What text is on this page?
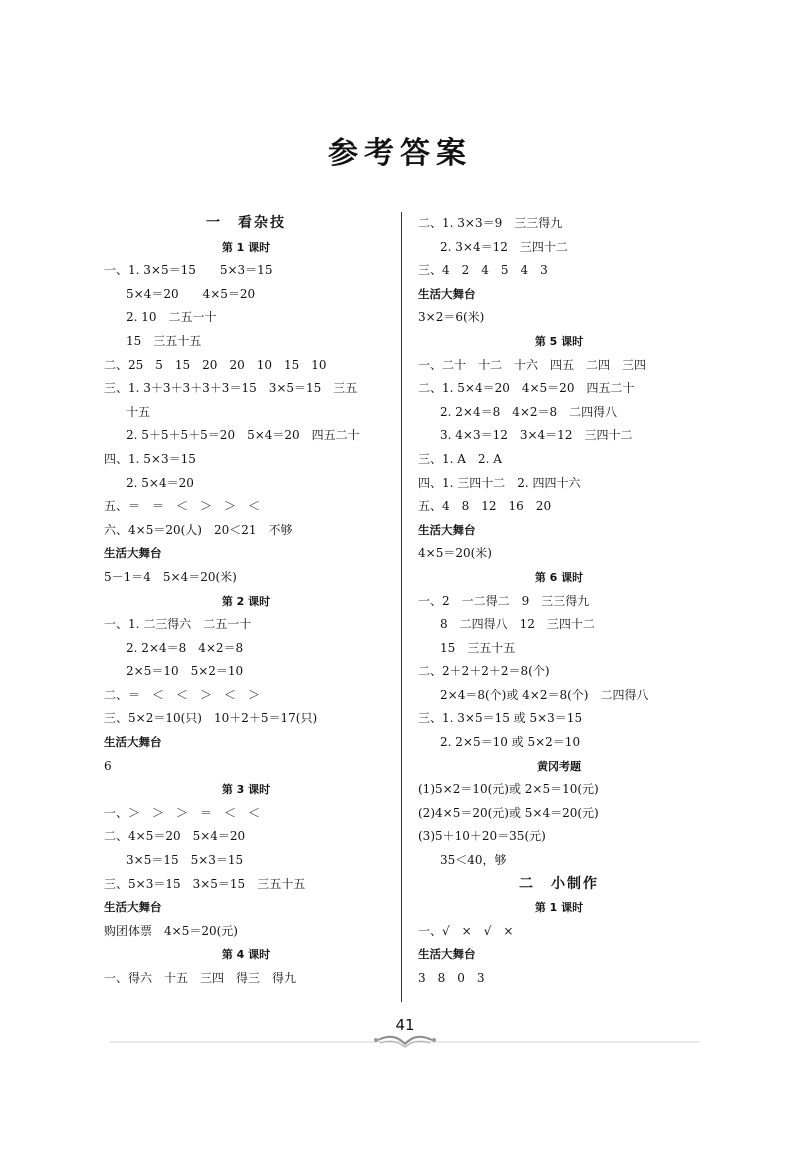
参考答案
一　看杂技
第 1 课时
一、1. 3×5＝15　　5×3＝15
5×4＝20　　4×5＝20
2. 10　二五一十
15　三五十五
二、25　5　15　20　20　10　15　10
三、1. 3＋3＋3＋3＋3＝15　3×5＝15　三五
十五
2. 5＋5＋5＋5＝20　5×4＝20　四五二十
四、1. 5×3＝15
2. 5×4＝20
五、＝　＝　＜　＞　＞　＜
六、4×5＝20(人)　20＜21　不够
生活大舞台
5－1＝4　5×4＝20(米)
第 2 课时
一、1. 二三得六　二五一十
2. 2×4＝8　4×2＝8
2×5＝10　5×2＝10
二、＝　＜　＜　＞　＜　＞
三、5×2＝10(只)　10＋2＋5＝17(只)
生活大舞台
6
第 3 课时
一、＞　＞　＞　＝　＜　＜
二、4×5＝20　5×4＝20
3×5＝15　5×3＝15
三、5×3＝15　3×5＝15　三五十五
生活大舞台
购团体票　4×5＝20(元)
第 4 课时
一、得六　十五　三四　得三　得九
二、1. 3×3＝9　三三得九
2. 3×4＝12　三四十二
三、4　2　4　5　4　3
生活大舞台
3×2＝6(米)
第 5 课时
一、二十　十二　十六　四五　二四　三四
二、1. 5×4＝20　4×5＝20　四五二十
2. 2×4＝8　4×2＝8　二四得八
3. 4×3＝12　3×4＝12　三四十二
三、1. A　2. A
四、1. 三四十二　2. 四四十六
五、4　8　12　16　20
生活大舞台
4×5＝20(米)
第 6 课时
一、2　一二得二　9　三三得九
8　二四得八　12　三四十二
15　三五十五
二、2＋2＋2＋2＝8(个)
2×4＝8(个)或 4×2＝8(个)　二四得八
三、1. 3×5＝15 或 5×3＝15
2. 2×5＝10 或 5×2＝10
黄冈考题
(1)5×2＝10(元)或 2×5＝10(元)
(2)4×5＝20(元)或 5×4＝20(元)
(3)5＋10＋20＝35(元)
35＜40，够
二　小制作
第 1 课时
一、√　×　√　×
生活大舞台
3　8　0　3
41
